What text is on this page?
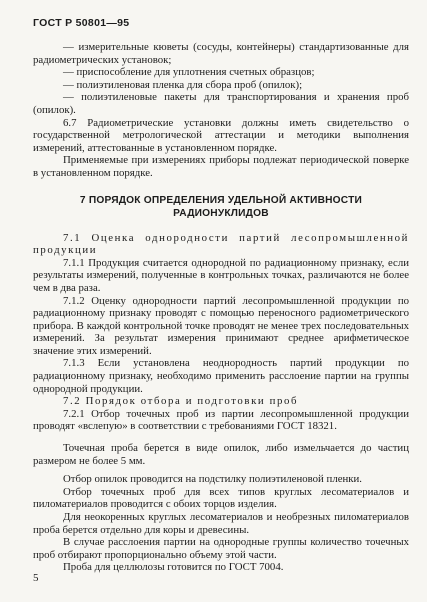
ГОСТ Р 50801—95

— измерительные кюветы (сосуды, контейнеры) стандартизованные для радиометрических установок;

— приспособление для уплотнения счетных образцов;

— полиэтиленовая пленка для сбора проб (опилок);

— полиэтиленовые пакеты для транспортирования и хранения проб (опилок).

6.7 Радиометрические установки должны иметь свидетельство о государственной метрологической аттестации и методики выполнения измерений, аттестованные в установленном порядке.

Применяемые при измерениях приборы подлежат периодической поверке в установленном порядке.

7 ПОРЯДОК ОПРЕДЕЛЕНИЯ УДЕЛЬНОЙ АКТИВНОСТИ
РАДИОНУКЛИДОВ

7.1 Оценка однородности партий лесопромышленной продукции

7.1.1 Продукция считается однородной по радиационному признаку, если результаты измерений, полученные в контрольных точках, различаются не более чем в два раза.

7.1.2 Оценку однородности партий лесопромышленной продукции по радиационному признаку проводят с помощью переносного радиометрического прибора. В каждой контрольной точке проводят не менее трех последовательных измерений. За результат измерения принимают среднее арифметическое значение этих измерений.

7.1.3 Если установлена неоднородность партий продукции по радиационному признаку, необходимо применить расслоение партии на группы однородной продукции.

7.2 Порядок отбора и подготовки проб

7.2.1 Отбор точечных проб из партии лесопромышленной продукции проводят «вслепую» в соответствии с требованиями ГОСТ 18321.

Точечная проба берется в виде опилок, либо измельчается до частиц размером не более 5 мм.

Отбор опилок проводится на подстилку полиэтиленовой пленки.

Отбор точечных проб для всех типов круглых лесоматериалов и пиломатериалов проводится с обоих торцов изделия.

Для неокоренных круглых лесоматериалов и необрезных пиломатериалов проба берется отдельно для коры и древесины.

В случае расслоения партии на однородные группы количество точечных проб отбирают пропорционально объему этой части.

Проба для целлюлозы готовится по ГОСТ 7004.

5
